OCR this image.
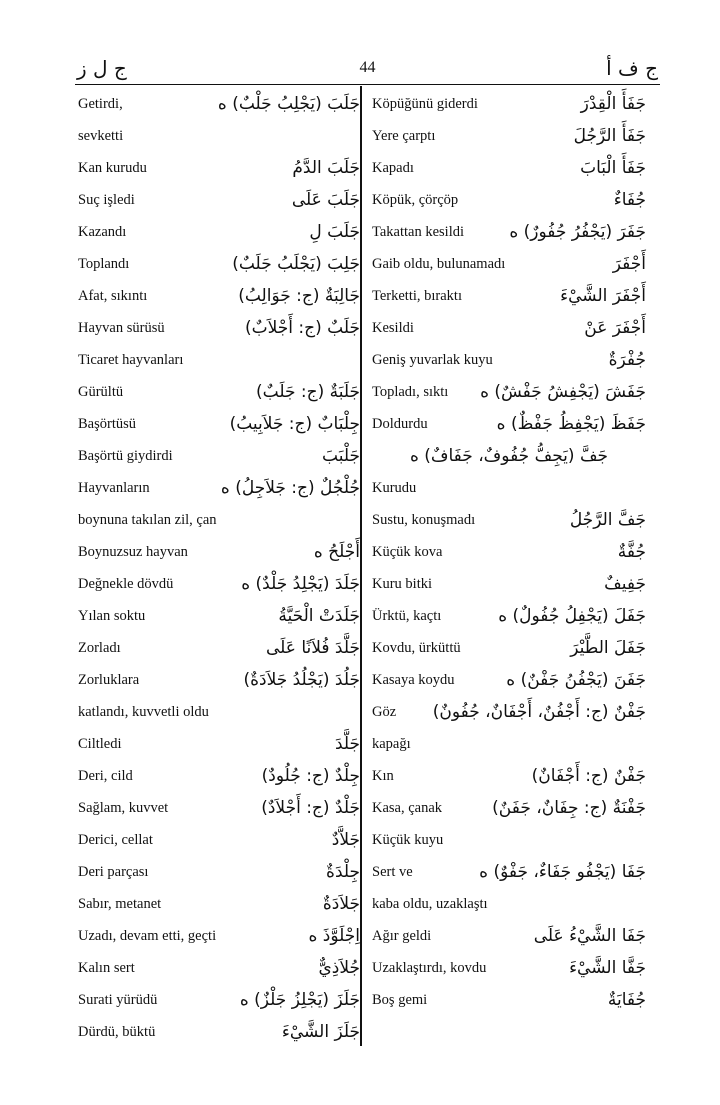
ج ل ز	44	ج ف أ
Getirdi,	جَلَبَ (يَجْلِبُ جَلْبٌ) ه
sevketti
Kan kurudu	جَلَبَ الدَّمُ
Suç işledi	جَلَبَ عَلَى
Kazandı	جَلَبَ لِ
Toplandı	جَلِبَ (يَجْلَبُ جَلَبٌ)
Afat, sıkıntı	جَالِبَةٌ (ج: جَوَالِبُ)
Hayvan sürüsü	جَلَبٌ (ج: أَجْلاَبٌ)
Ticaret hayvanları
Gürültü	جَلَبَةٌ (ج: جَلَبٌ)
Başörtüsü	جِلْبَابٌ (ج: جَلاَبِيبُ)
Başörtü giydirdi	جَلْبَبَ
Hayvanların	جُلْجُلٌ (ج: جَلاَجِلُ) ه
boynuna takılan zil, çan
Boynuzsuz hayvan	أَجْلَحُ ه
Değnekle dövdü	جَلَدَ (يَجْلِدُ جَلْدٌ) ه
Yılan soktu	جَلَدَتْ الْحَيَّةُ
Zorladı	جَلَّدَ فُلاَنًا عَلَى
Zorluklara	جَلُدَ (يَجْلُدُ جَلاَدَةٌ)
katlandı, kuvvetli oldu
Ciltledi	جَلَّدَ
Deri, cild	جِلْدٌ (ج: جُلُودٌ)
Sağlam, kuvvet	جَلْدٌ (ج: أَجْلاَدٌ)
Derici, cellat	جَلاَّدٌ
Deri parçası	جِلْدَةٌ
Sabır, metanet	جَلاَدَةٌ
Uzadı, devam etti, geçti	اِجْلَوَّذَ ه
Kalın sert	جُلاَذِيٌّ
Surati yürüdü	جَلَزَ (يَجْلِزُ جَلْزٌ) ه
Dürdü, büktü	جَلَزَ الشَّيْءَ
Köpüğünü giderdi	جَفَأَ الْقِدْرَ
Yere çarptı	جَفَأَ الرَّجُلَ
Kapadı	جَفَأَ الْبَابَ
Köpük, çörçöp	جُفَاءٌ
Takattan kesildi	جَفَرَ (يَجْفُرُ جُفُورٌ) ه
Gaib oldu, bulunamadı	أَجْفَرَ
Terketti, bıraktı	أَجْفَرَ الشَّيْءَ
Kesildi	أَجْفَرَ عَنْ
Geniş yuvarlak kuyu	جُفْرَةٌ
Topladı, sıktı جَفَشَ (يَجْفِشُ جَفْشٌ) ه
Doldurdu	جَفَظَ (يَجْفِظُ جَفْظٌ) ه
جَفَّ (يَجِفُّ جُفُوفٌ، جَفَافٌ) ه
Kurudu
Sustu, konuşmadı	جَفَّ الرَّجُلُ
Küçük kova	جُفَّةٌ
Kuru bitki	جَفِيفٌ
Ürktü, kaçtı	جَفَلَ (يَجْفِلُ جُفُولٌ) ه
Kovdu, ürküttü	جَفَلَ الطَّيْرَ
Kasaya koydu	جَفَنَ (يَجْفُنُ جَفْنٌ) ه
Göz جَفْنٌ (ج: أَجْفُنٌ، أَجْفَانٌ، جُفُونٌ)
kapağı
Kın	جَفْنٌ (ج: أَجْفَانٌ)
Kasa, çanak	جَفْنَةٌ (ج: جِفَانٌ، جَفَنٌ)
Küçük kuyu
Sert ve	جَفَا (يَجْفُو جَفَاءٌ، جَفْوٌ) ه
kaba oldu, uzaklaştı
Ağır geldi	جَفَا الشَّيْءُ عَلَى
Uzaklaştırdı, kovdu	جَفَّا الشَّيْءَ
Boş gemi	جُفَايَةٌ
